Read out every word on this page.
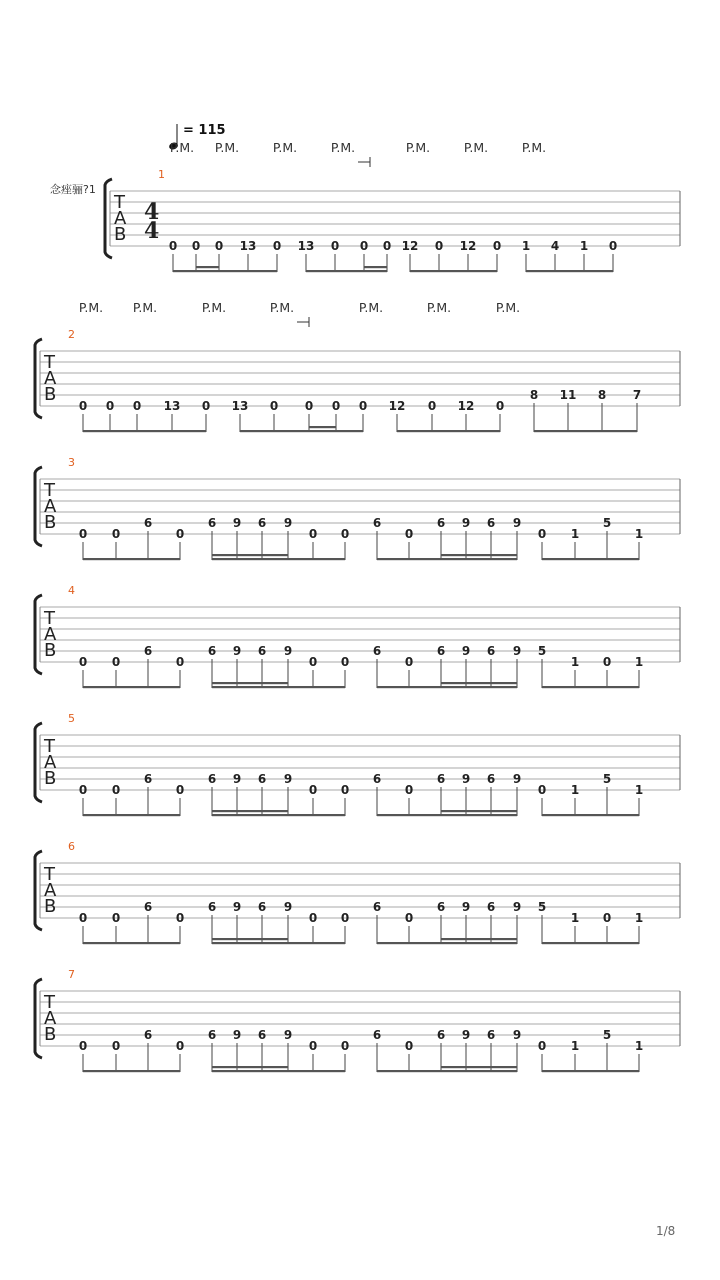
= 115
念痤骊?1
1/8
T
A
B
4
4
1
P.M. P.M.	P.M.	P.M.	P.M.	P.M.	P.M.
0 0 0 13 0 13 0 0 0 12 0 12 0 1 4 1 0
T
A
B
2
P.M. P.M.	P.M.	P.M.	P.M.	P.M.	P.M.
0 0 0 13 0 13 0 0 0 0 12 0 12 0
8 11 8 7
T
A
B
3
0 0
6
0
6 9 6 9
0 0
6
0
6 9 6 9
0 1
5
1
T
A
B
4
0 0
6
0
6 9 6 9
0 0
6
0
6 9 6 9 5
1 0 1
T
A
B
5
0 0
6
0
6 9 6 9
0 0
6
0
6 9 6 9
0 1
5
1
T
A
B
6
0 0
6
0
6 9 6 9
0 0
6
0
6 9 6 9 5
1 0 1
T
A
B
7
0 0
6
0
6 9 6 9
0 0
6
0
6 9 6 9
0 1
5
1
